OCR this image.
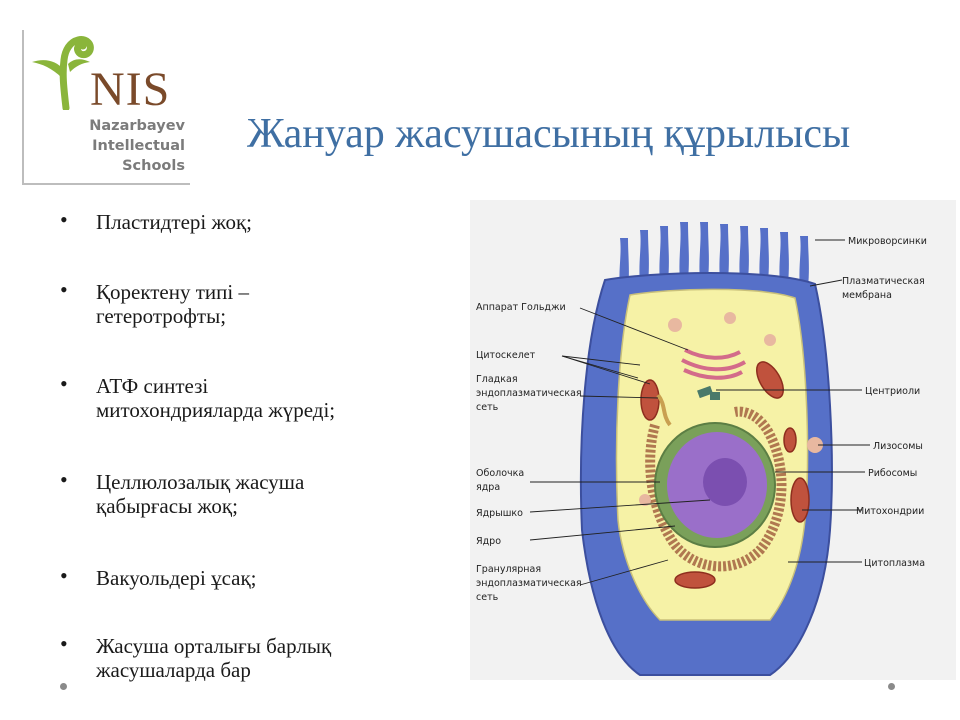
NIS
Nazarbayev
Intellectual
Schools
Жануар жасушасының құрылысы
• Пластидтері жоқ;
• Қоректену типі –
гетеротрофты;
• АТФ синтезі
митохондрияларда жүреді;
• Целлюлозалық жасуша
қабырғасы жоқ;
• Вакуольдері ұсақ;
• Жасуша орталығы барлық
жасушаларда бар
Микроворсинки
Плазматическая
мембрана
Центриоли
Лизосомы
Рибосомы
Митохондрии
Цитоплазма
Аппарат Гольджи
Цитоскелет
Гладкая
эндоплазматическая
сеть
Оболочка
ядра
Ядрышко
Ядро
Гранулярная
эндоплазматическая
сеть
